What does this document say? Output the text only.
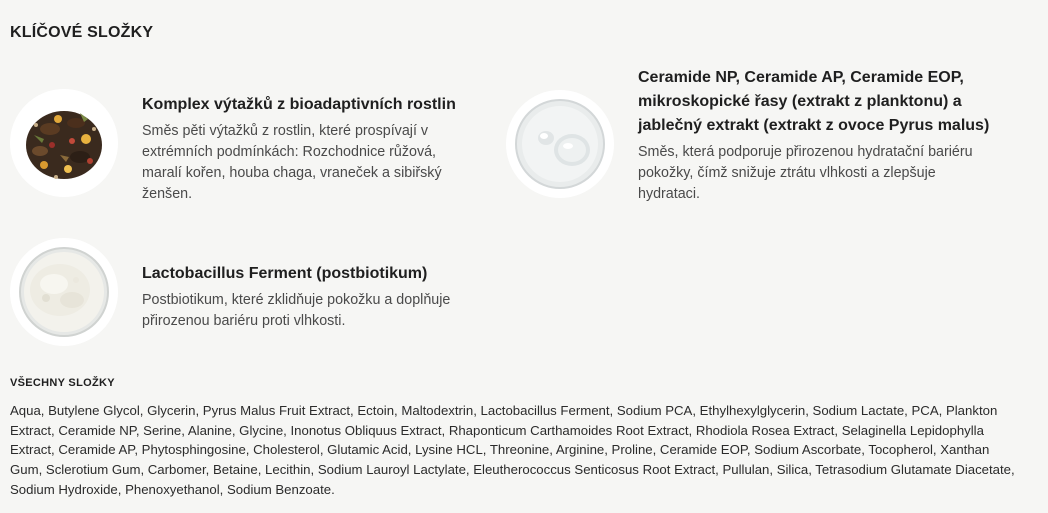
KLÍČOVÉ SLOŽKY
Komplex výtažků z bioadaptivních rostlin

Směs pěti výtažků z rostlin, které prospívají v extrémních podmínkách: Rozchodnice růžová, maralí kořen, houba chaga, vraneček a sibiřský ženšen.

Ceramide NP, Ceramide AP, Ceramide EOP, mikroskopické řasy (extrakt z planktonu) a jablečný extrakt (extrakt z ovoce Pyrus malus)

Směs, která podporuje přirozenou hydratační bariéru pokožky, čímž snižuje ztrátu vlhkosti a zlepšuje hydrataci.

Lactobacillus Ferment (postbiotikum)

Postbiotikum, které zklidňuje pokožku a doplňuje přirozenou bariéru proti vlhkosti.

VŠECHNY SLOŽKY

Aqua, Butylene Glycol, Glycerin, Pyrus Malus Fruit Extract, Ectoin, Maltodextrin, Lactobacillus Ferment, Sodium PCA, Ethylhexylglycerin, Sodium Lactate, PCA, Plankton Extract, Ceramide NP, Serine, Alanine, Glycine, Inonotus Obliquus Extract, Rhaponticum Carthamoides Root Extract, Rhodiola Rosea Extract, Selaginella Lepidophylla Extract, Ceramide AP, Phytosphingosine, Cholesterol, Glutamic Acid, Lysine HCL, Threonine, Arginine, Proline, Ceramide EOP, Sodium Ascorbate, Tocopherol, Xanthan Gum, Sclerotium Gum, Carbomer, Betaine, Lecithin, Sodium Lauroyl Lactylate, Eleutherococcus Senticosus Root Extract, Pullulan, Silica, Tetrasodium Glutamate Diacetate, Sodium Hydroxide, Phenoxyethanol, Sodium Benzoate.
